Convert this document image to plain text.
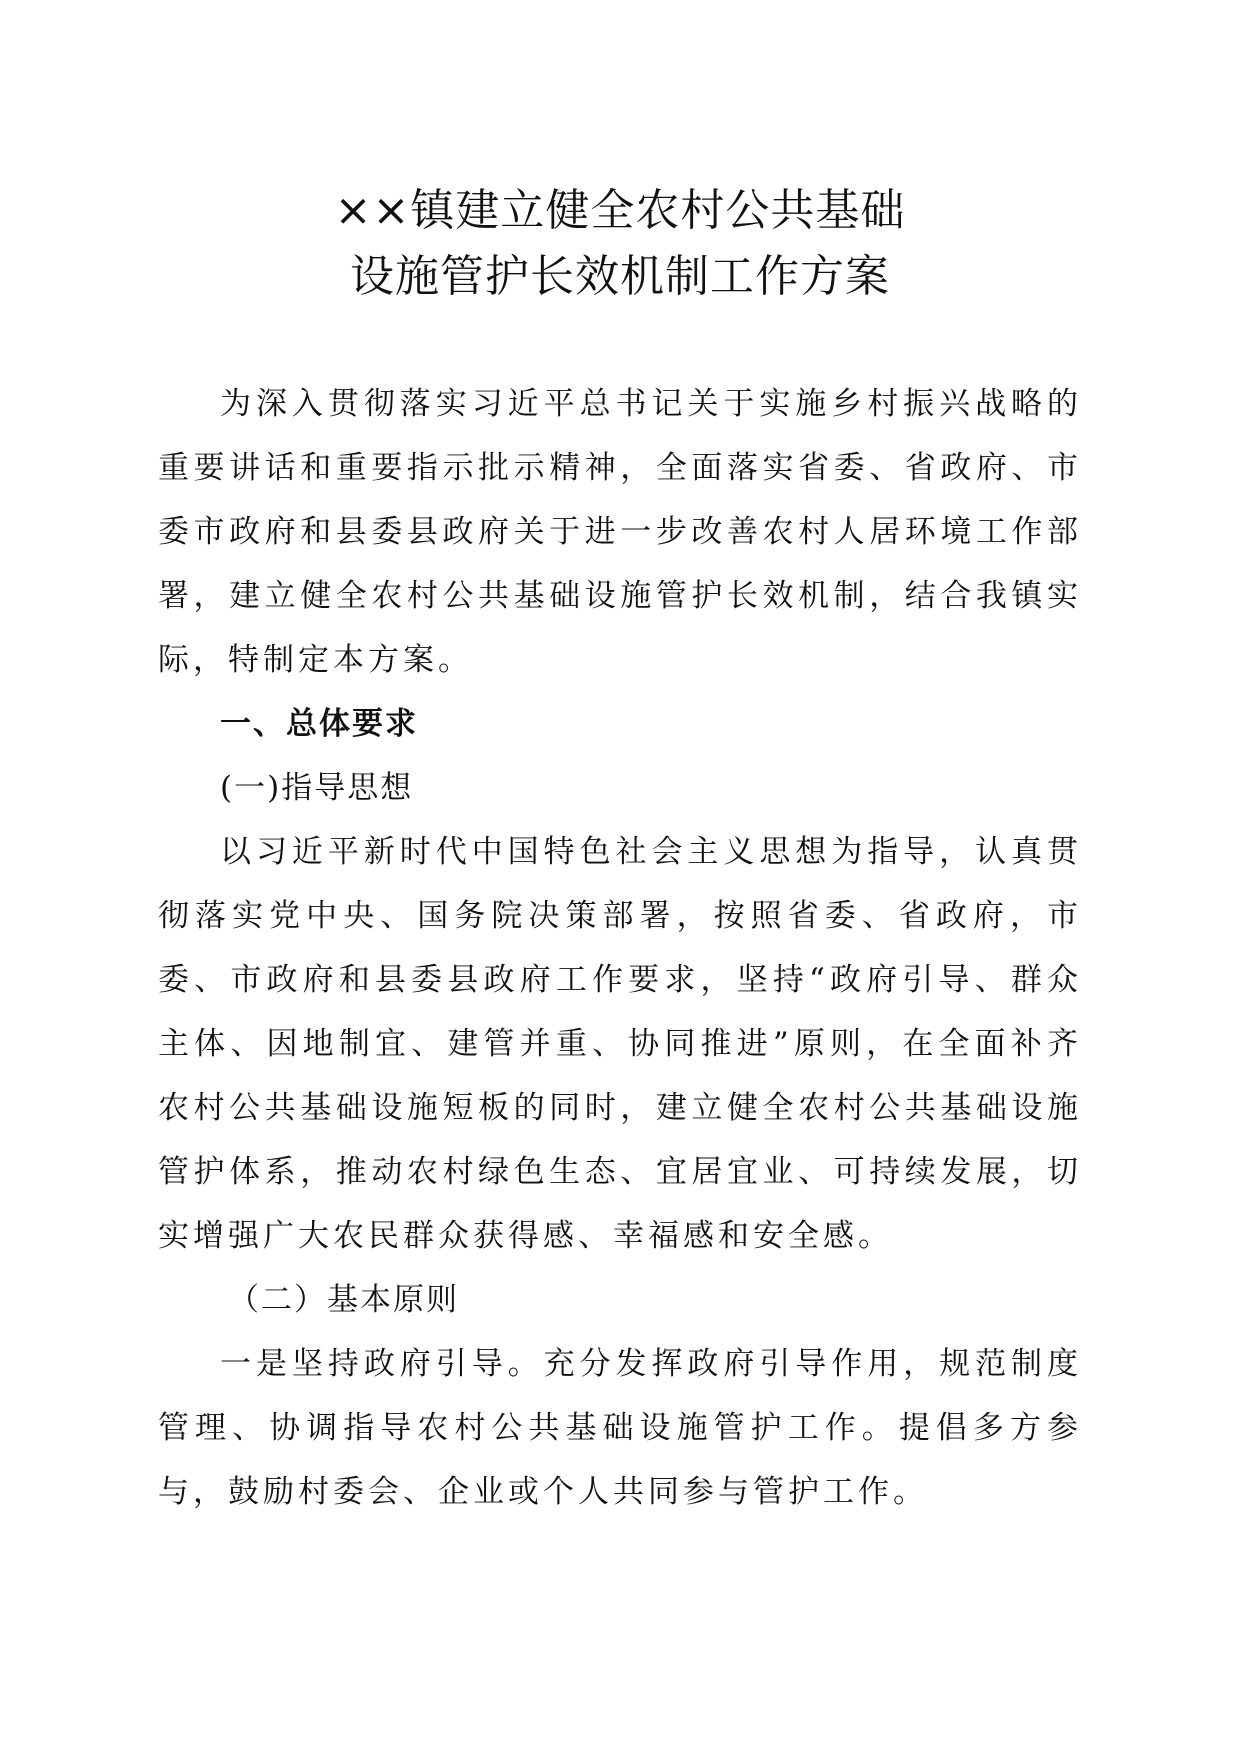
××镇建立健全农村公共基础
设施管护长效机制工作方案

为深入贯彻落实习近平总书记关于实施乡村振兴战略的重要讲话和重要指示批示精神，全面落实省委、省政府、市委市政府和县委县政府关于进一步改善农村人居环境工作部署，建立健全农村公共基础设施管护长效机制，结合我镇实际，特制定本方案。

一、总体要求

(一)指导思想

以习近平新时代中国特色社会主义思想为指导，认真贯彻落实党中央、国务院决策部署，按照省委、省政府，市委、市政府和县委县政府工作要求，坚持“政府引导、群众主体、因地制宜、建管并重、协同推进”原则，在全面补齐农村公共基础设施短板的同时，建立健全农村公共基础设施管护体系，推动农村绿色生态、宜居宜业、可持续发展，切实增强广大农民群众获得感、幸福感和安全感。

（二）基本原则

一是坚持政府引导。充分发挥政府引导作用，规范制度管理、协调指导农村公共基础设施管护工作。提倡多方参与，鼓励村委会、企业或个人共同参与管护工作。
